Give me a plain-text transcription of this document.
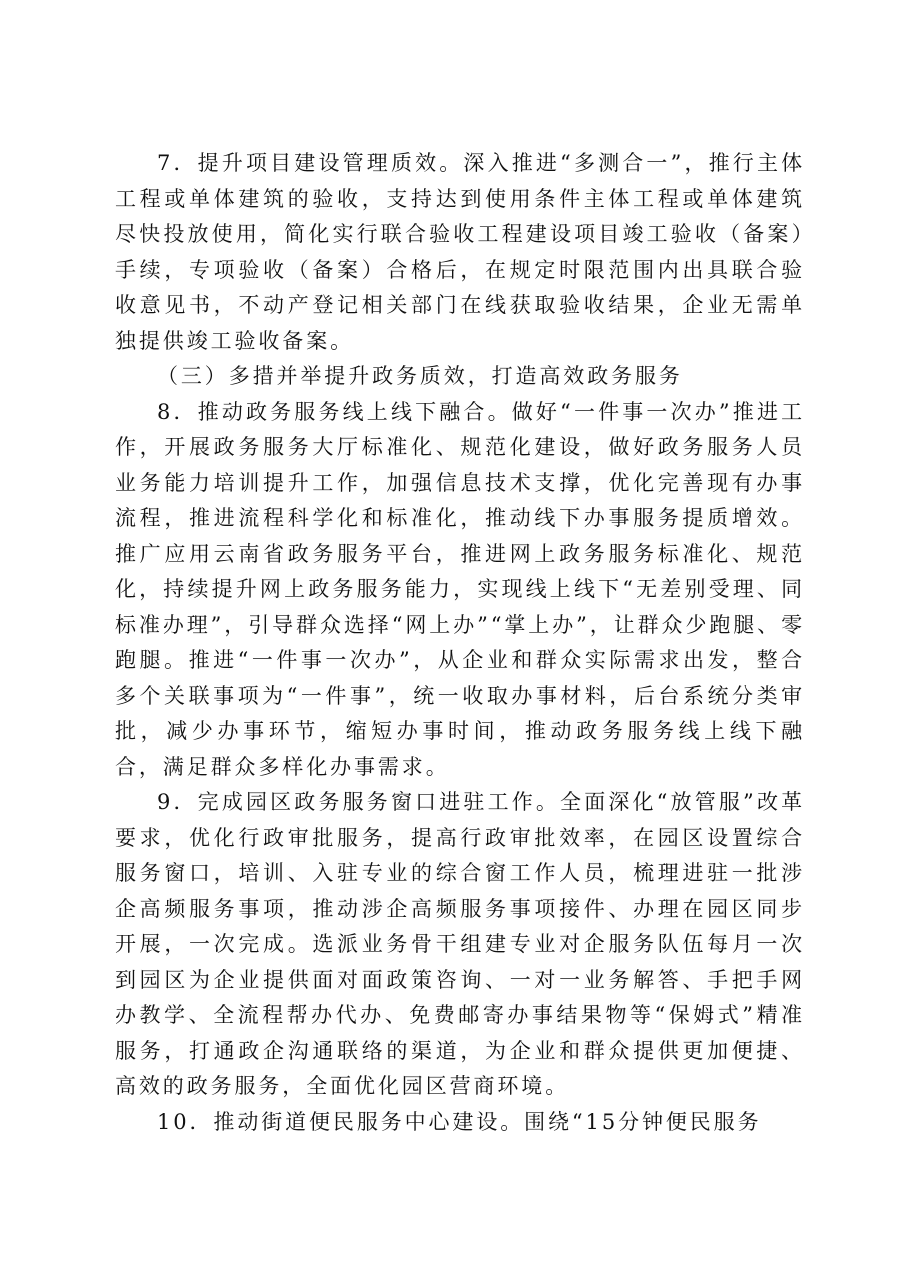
7．提升项目建设管理质效。深入推进“多测合一”，推行主体工程或单体建筑的验收，支持达到使用条件主体工程或单体建筑尽快投放使用，简化实行联合验收工程建设项目竣工验收（备案）手续，专项验收（备案）合格后，在规定时限范围内出具联合验收意见书，不动产登记相关部门在线获取验收结果，企业无需单独提供竣工验收备案。

（三）多措并举提升政务质效，打造高效政务服务

8．推动政务服务线上线下融合。做好“一件事一次办”推进工作，开展政务服务大厅标准化、规范化建设，做好政务服务人员业务能力培训提升工作，加强信息技术支撑，优化完善现有办事流程，推进流程科学化和标准化，推动线下办事服务提质增效。推广应用云南省政务服务平台，推进网上政务服务标准化、规范化，持续提升网上政务服务能力，实现线上线下“无差别受理、同标准办理”，引导群众选择“网上办”“掌上办”，让群众少跑腿、零跑腿。推进“一件事一次办”，从企业和群众实际需求出发，整合多个关联事项为“一件事”，统一收取办事材料，后台系统分类审批，减少办事环节，缩短办事时间，推动政务服务线上线下融合，满足群众多样化办事需求。

9．完成园区政务服务窗口进驻工作。全面深化“放管服”改革要求，优化行政审批服务，提高行政审批效率，在园区设置综合服务窗口，培训、入驻专业的综合窗工作人员，梳理进驻一批涉企高频服务事项，推动涉企高频服务事项接件、办理在园区同步开展，一次完成。选派业务骨干组建专业对企服务队伍每月一次到园区为企业提供面对面政策咨询、一对一业务解答、手把手网办教学、全流程帮办代办、免费邮寄办事结果物等“保姆式”精准服务，打通政企沟通联络的渠道，为企业和群众提供更加便捷、高效的政务服务，全面优化园区营商环境。

10．推动街道便民服务中心建设。围绕“15分钟便民服务
